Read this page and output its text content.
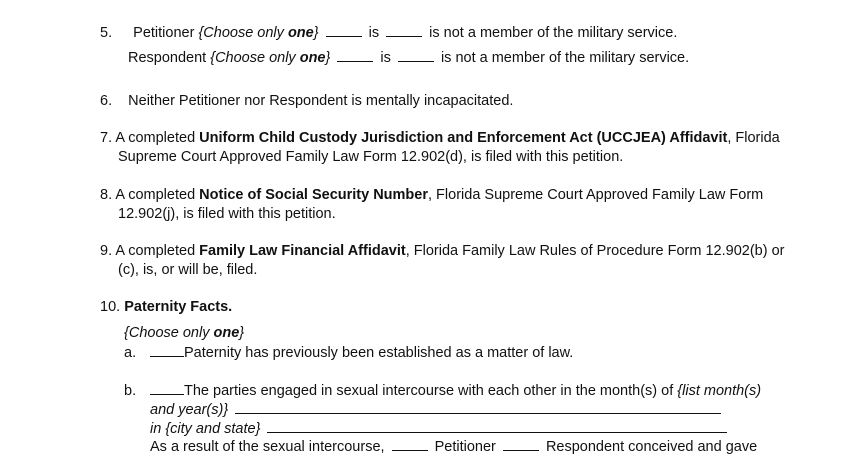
5. Petitioner {Choose only one}	is	is not a member of the military service.
Respondent {Choose only one}	is	is not a member of the military service.
6. Neither Petitioner nor Respondent is mentally incapacitated.
7. A completed Uniform Child Custody Jurisdiction and Enforcement Act (UCCJEA) Affidavit, Florida
Supreme Court Approved Family Law Form 12.902(d), is filed with this petition.
8. A completed Notice of Social Security Number, Florida Supreme Court Approved Family Law Form
12.902(j), is filed with this petition.
9. A completed Family Law Financial Affidavit, Florida Family Law Rules of Procedure Form 12.902(b) or
(c), is, or will be, filed.
10. Paternity Facts.
{Choose only one}
a.	Paternity has previously been established as a matter of law.
b.	The parties engaged in sexual intercourse with each other in the month(s) of {list month(s)
and year(s)}
in {city and state}
As a result of the sexual intercourse,	Petitioner	Respondent conceived and gave
